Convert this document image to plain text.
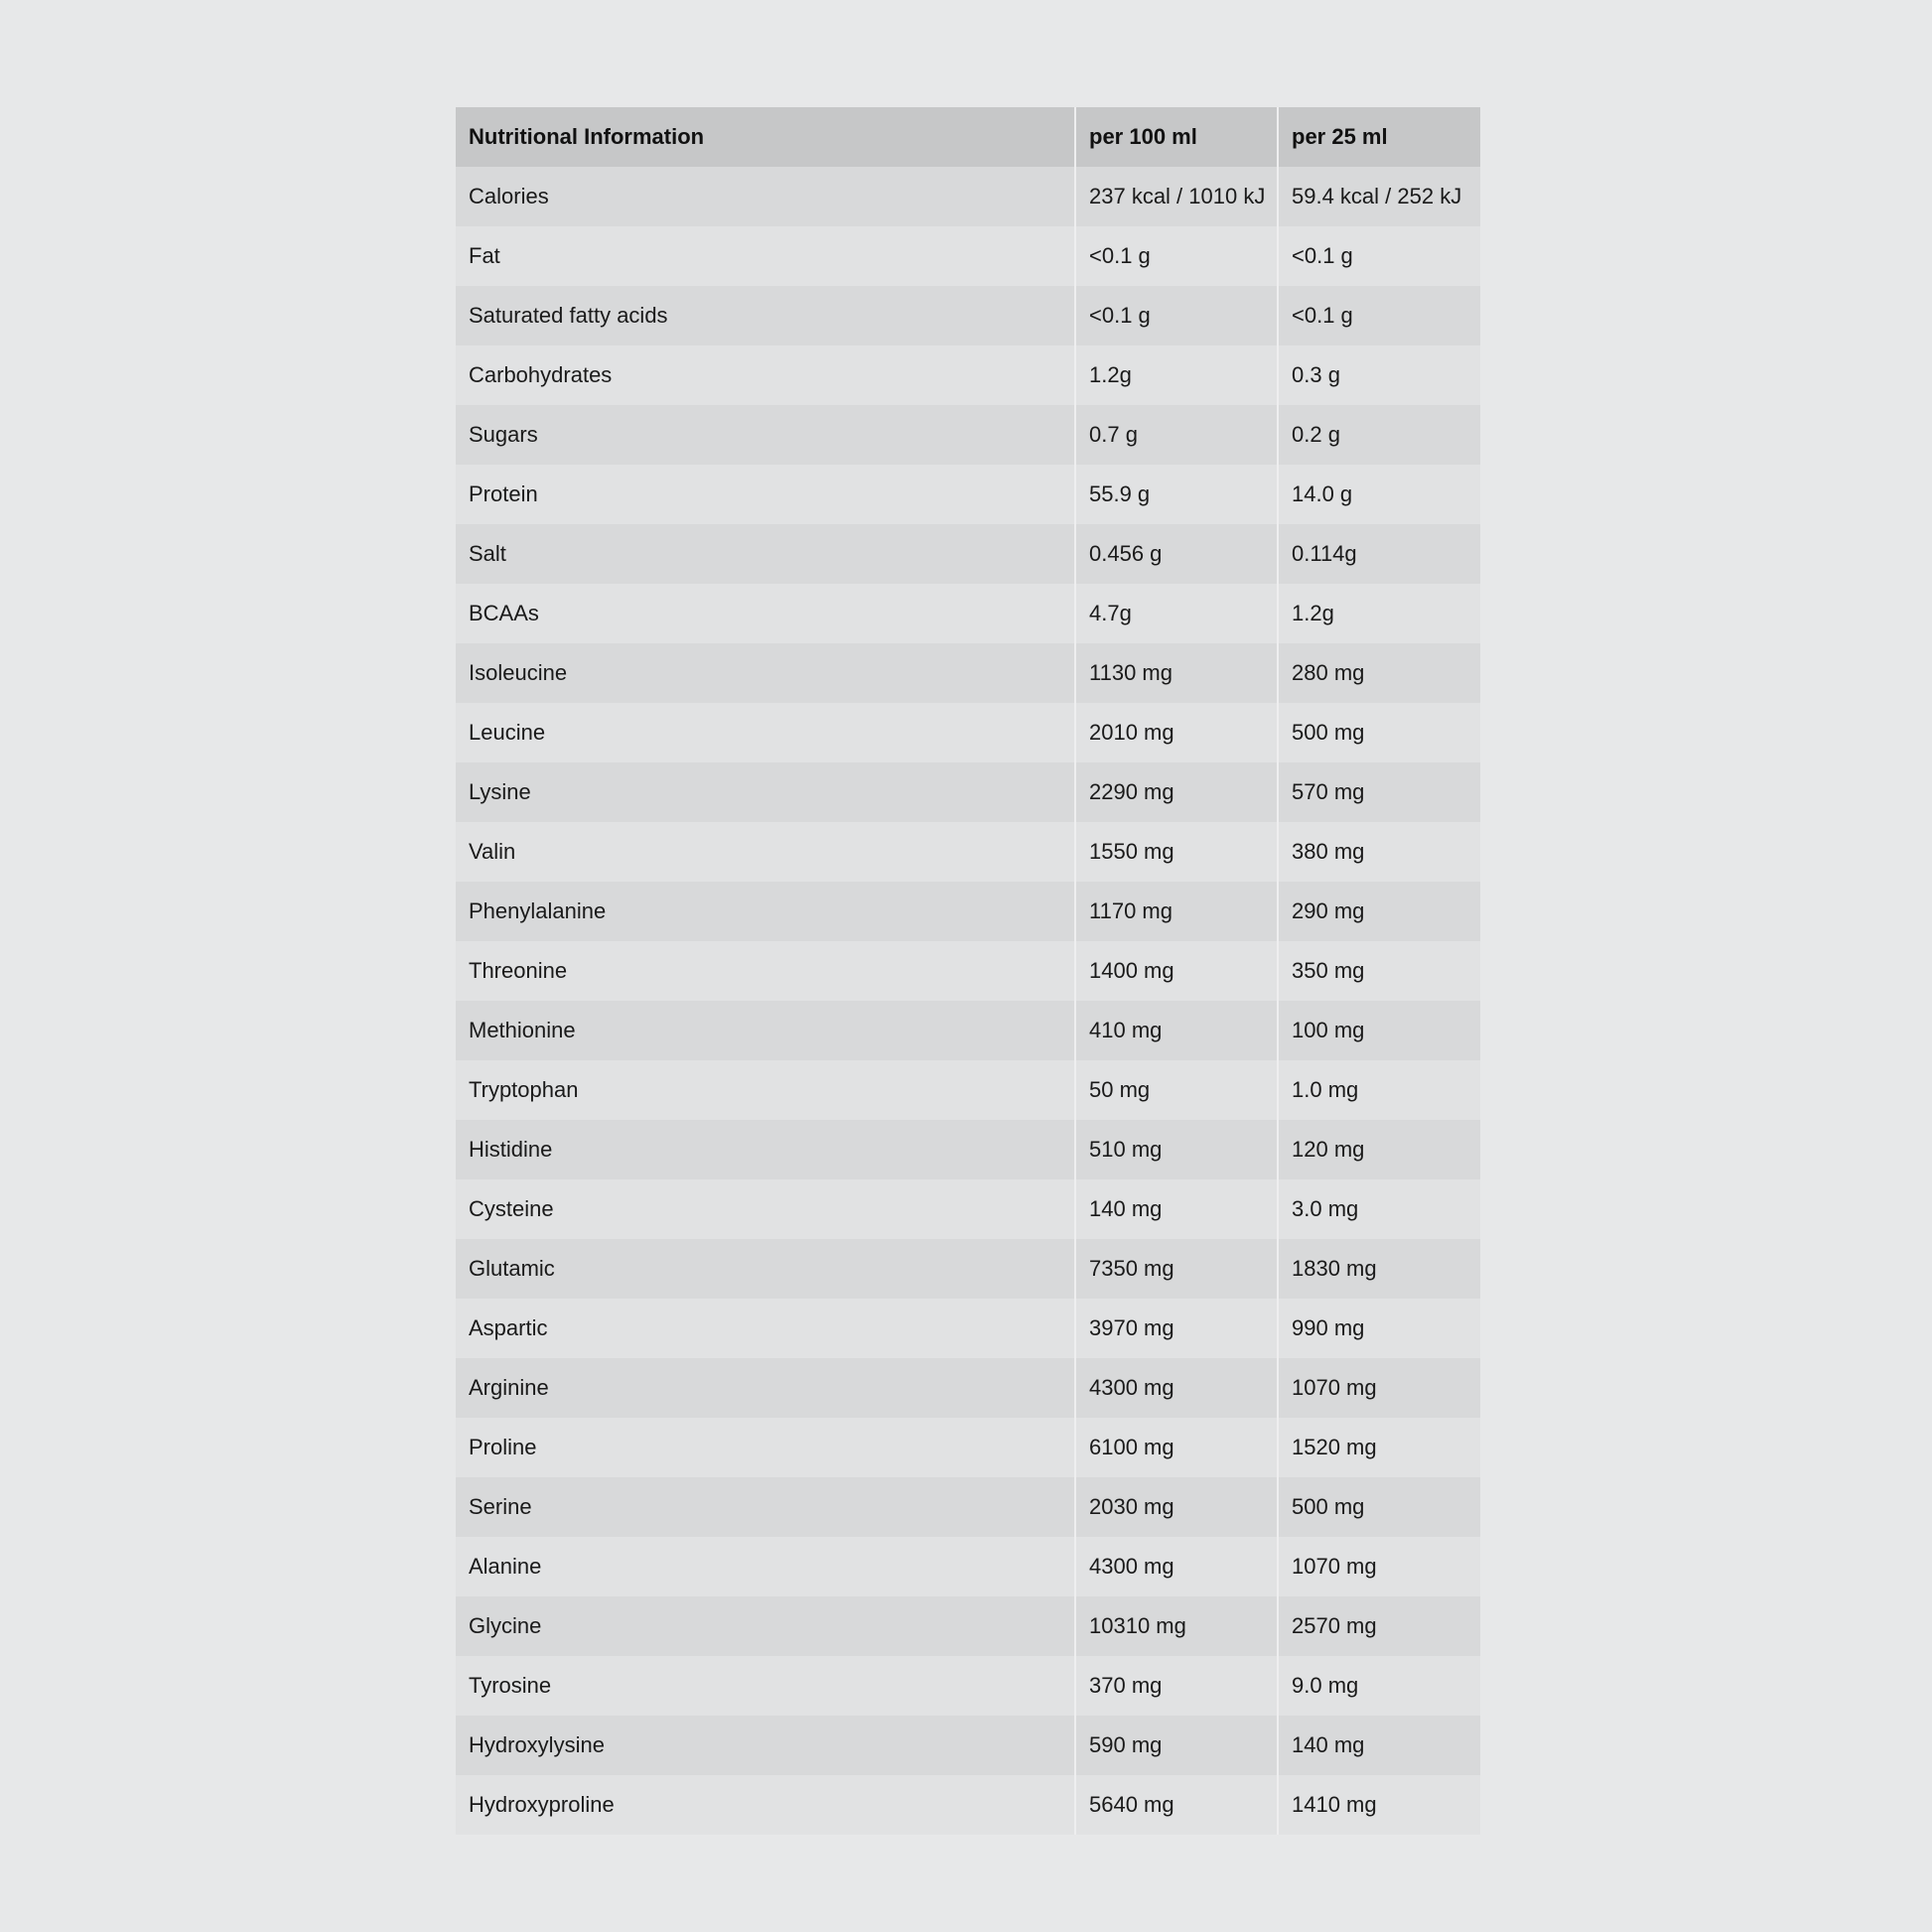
Nutritional Information	per 100 ml	per 25 ml
Calories	237 kcal / 1010 kJ	59.4 kcal / 252 kJ
Fat	<0.1 g	<0.1 g
Saturated fatty acids	<0.1 g	<0.1 g
Carbohydrates	1.2g	0.3 g
Sugars	0.7 g	0.2 g
Protein	55.9 g	14.0 g
Salt	0.456 g	0.114g
BCAAs	4.7g	1.2g
Isoleucine	1130 mg	280 mg
Leucine	2010 mg	500 mg
Lysine	2290 mg	570 mg
Valin	1550 mg	380 mg
Phenylalanine	1170 mg	290 mg
Threonine	1400 mg	350 mg
Methionine	410 mg	100 mg
Tryptophan	50 mg	1.0 mg
Histidine	510 mg	120 mg
Cysteine	140 mg	3.0 mg
Glutamic	7350 mg	1830 mg
Aspartic	3970 mg	990 mg
Arginine	4300 mg	1070 mg
Proline	6100 mg	1520 mg
Serine	2030 mg	500 mg
Alanine	4300 mg	1070 mg
Glycine	10310 mg	2570 mg
Tyrosine	370 mg	9.0 mg
Hydroxylysine	590 mg	140 mg
Hydroxyproline	5640 mg	1410 mg
